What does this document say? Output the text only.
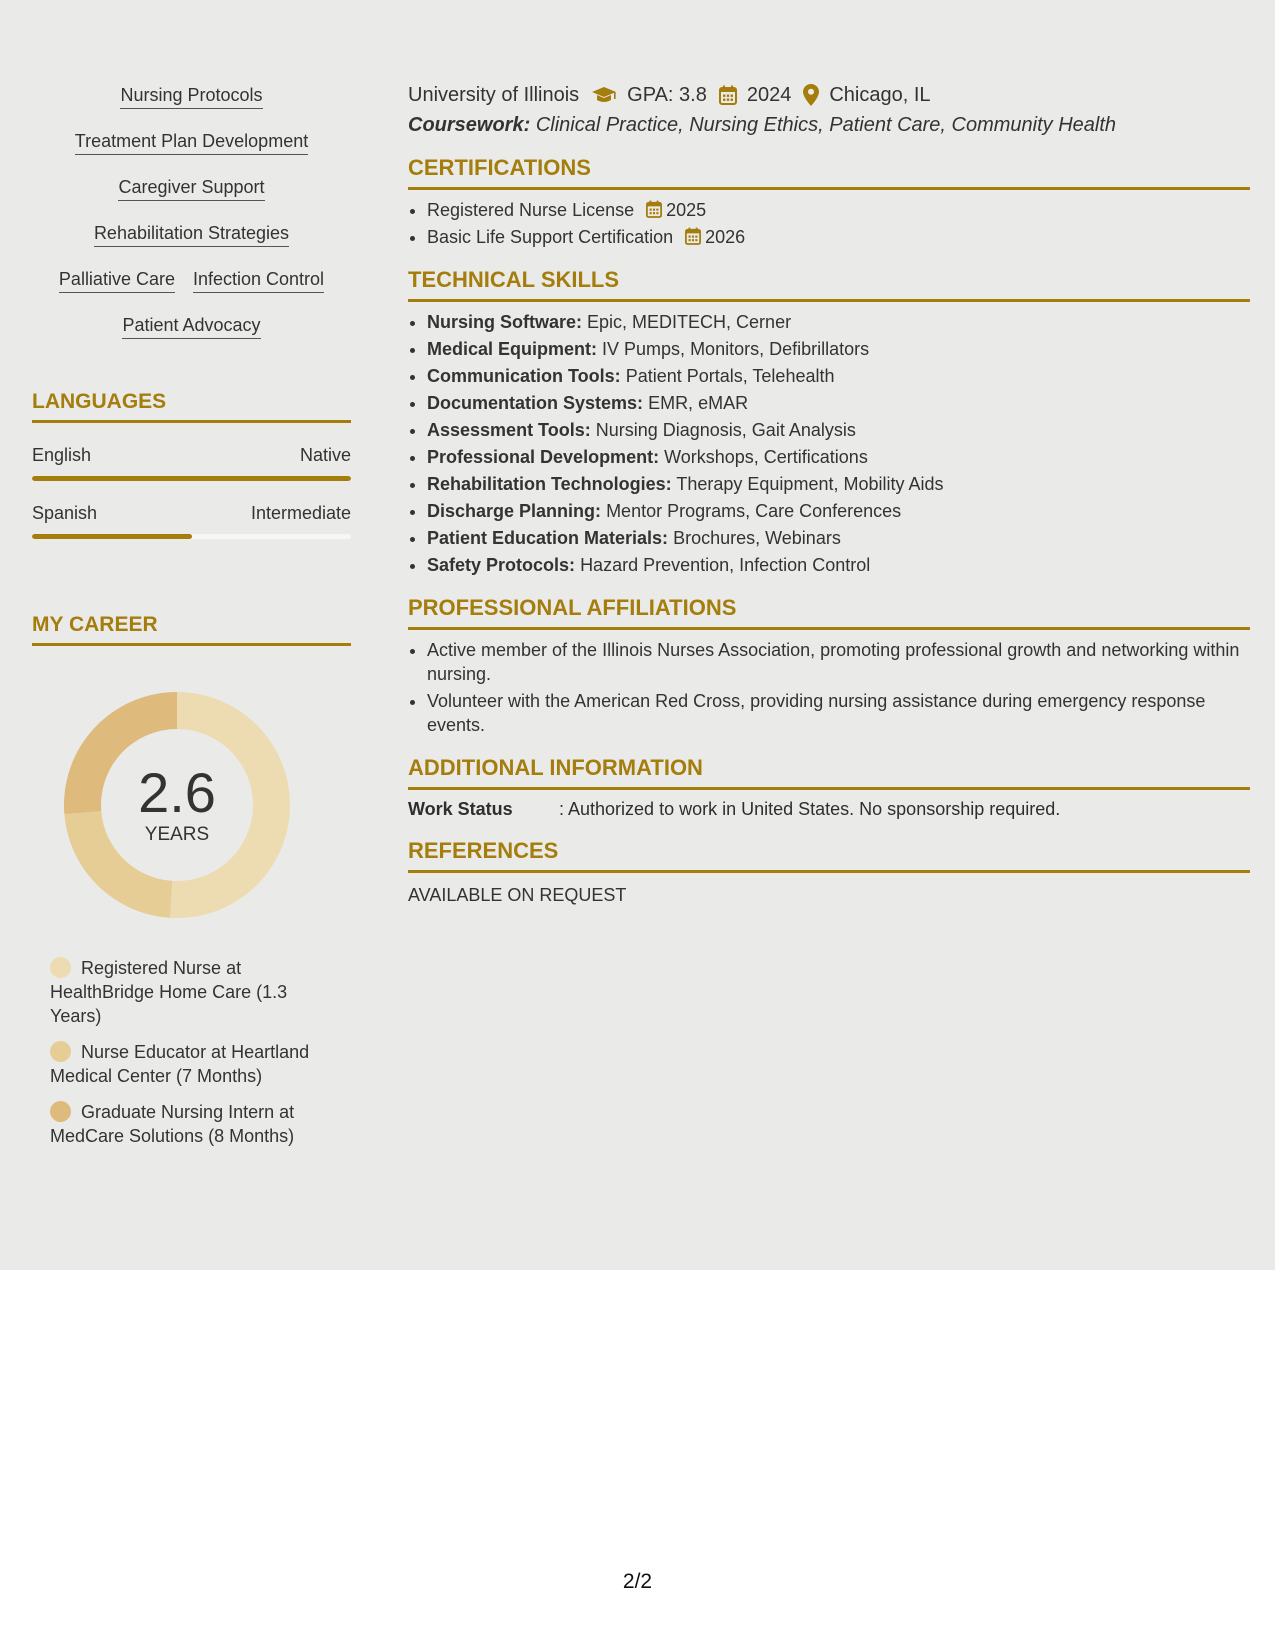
Nursing Protocols
Treatment Plan Development
Caregiver Support
Rehabilitation Strategies
Palliative Care Infection Control
Patient Advocacy
LANGUAGES
English	Native
Spanish	Intermediate
MY CAREER
2.6
YEARS
Registered Nurse at HealthBridge Home Care (1.3 Years)
Nurse Educator at Heartland Medical Center (7 Months)
Graduate Nursing Intern at MedCare Solutions (8 Months)
University of Illinois GPA: 3.8 2024 Chicago, IL
Coursework: Clinical Practice, Nursing Ethics, Patient Care, Community Health
CERTIFICATIONS
• Registered Nurse License 2025
• Basic Life Support Certification 2026
TECHNICAL SKILLS
• Nursing Software: Epic, MEDITECH, Cerner
• Medical Equipment: IV Pumps, Monitors, Defibrillators
• Communication Tools: Patient Portals, Telehealth
• Documentation Systems: EMR, eMAR
• Assessment Tools: Nursing Diagnosis, Gait Analysis
• Professional Development: Workshops, Certifications
• Rehabilitation Technologies: Therapy Equipment, Mobility Aids
• Discharge Planning: Mentor Programs, Care Conferences
• Patient Education Materials: Brochures, Webinars
• Safety Protocols: Hazard Prevention, Infection Control
PROFESSIONAL AFFILIATIONS
• Active member of the Illinois Nurses Association, promoting professional growth and networking within nursing.
• Volunteer with the American Red Cross, providing nursing assistance during emergency response events.
ADDITIONAL INFORMATION
Work Status	: Authorized to work in United States. No sponsorship required.
REFERENCES
AVAILABLE ON REQUEST
2/2
